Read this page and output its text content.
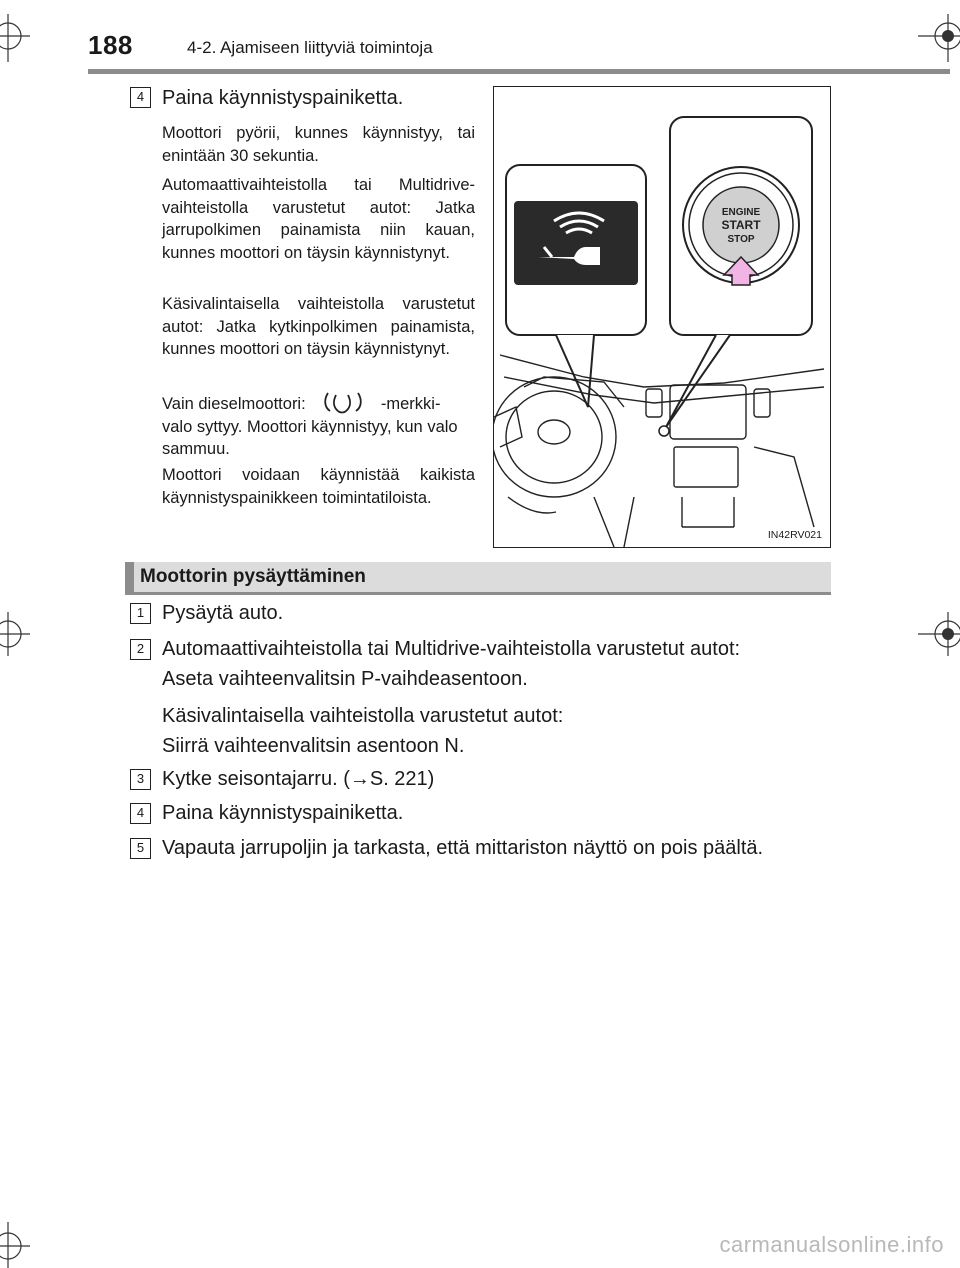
188	4-2. Ajamiseen liittyviä toimintoja
4 Paina käynnistyspainiketta.
Moottori pyörii, kunnes käynnistyy, tai enintään 30 sekuntia.
Automaattivaihteistolla tai Multidrive-vaihteistolla varustetut autot: Jatka jarrupolkimen painamista niin kauan, kunnes moottori on täysin käynnistynyt.
Käsivalintaisella vaihteistolla varustetut autot: Jatka kytkinpolkimen painamista, kunnes moottori on täysin käynnistynyt.
Vain dieselmoottori:	-merkki- valo syttyy. Moottori käynnistyy, kun valo sammuu.
Moottori voidaan käynnistää kaikista käynnistyspainikkeen toimintatiloista.
ENGINE
START
STOP
IN42RV021
Moottorin pysäyttäminen
1 Pysäytä auto.
2 Automaattivaihteistolla tai Multidrive-vaihteistolla varustetut autot:
Aseta vaihteenvalitsin P-vaihdeasentoon.
Käsivalintaisella vaihteistolla varustetut autot:
Siirrä vaihteenvalitsin asentoon N.
3 Kytke seisontajarru. (→S. 221)
4 Paina käynnistyspainiketta.
5 Vapauta jarrupoljin ja tarkasta, että mittariston näyttö on pois päältä.
carmanualsonline.info
